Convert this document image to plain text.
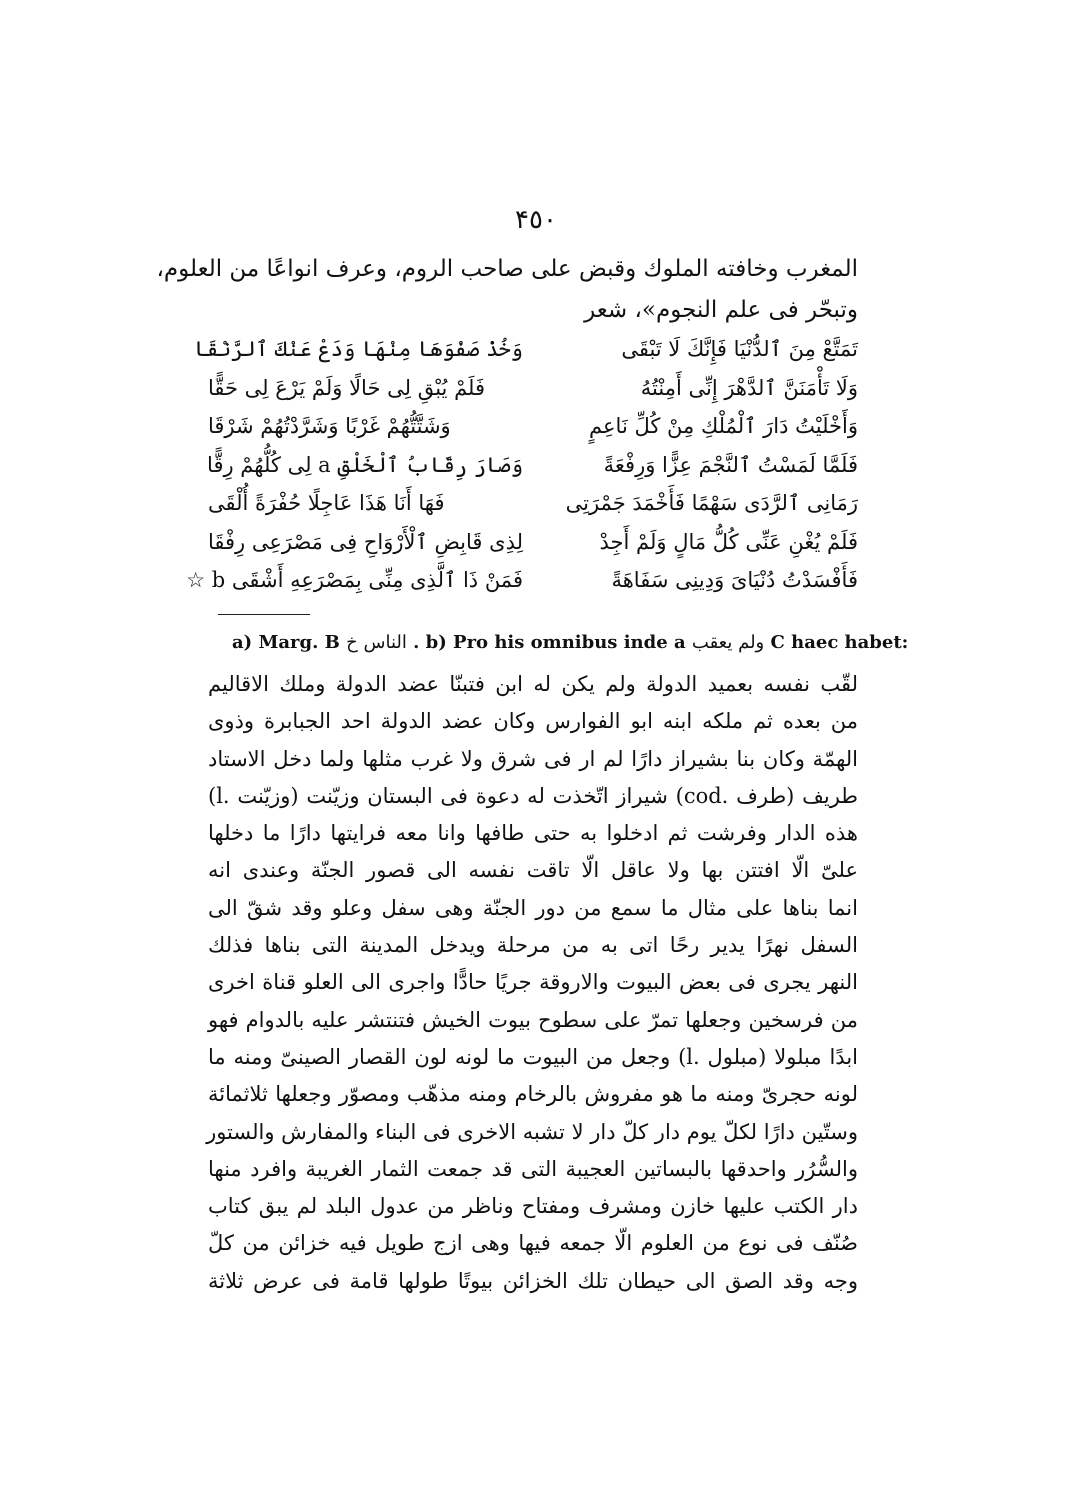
۴٥٠
المغرب وخافته الملوك وقبض على صاحب الروم، وعرف انواعًا من العلوم،
وتبحّر فى علم النجوم»، شعر
تَمَتَّعْ مِنَ ٱلدُّنْيَا فَإِنَّكَ لَا تَبْقَى
وَخُذْ صَفْوَهَا مِنْهَا وَدَعْ عَنْكَ ٱلرَّنْقَا
وَلَا تَأْمَنَنَّ ٱلدَّهْرَ إِنِّى أَمِنْتُهُ
فَلَمْ يُبْقِ لِى حَالًا وَلَمْ يَرْعَ لِى حَقًّا
وَأَخْلَيْتُ دَارَ ٱلْمُلْكِ مِنْ كُلِّ نَاعِمٍ
وَشَتَّتُّهُمْ غَرْبًا وَشَرَّدْتُهُمْ شَرْقَا
فَلَمَّا لَمَسْتُ ٱلنَّجْمَ عِزًّا وَرِفْعَةً
وَصَارَ رِقَابُ ٱلْخَلْقِ a لِى كُلُّهُمْ رِقًّا
رَمَانِى ٱلرَّدَى سَهْمًا فَأَخْمَدَ جَمْرَتِى
فَهَا أَنَا هَذَا عَاجِلًا حُفْرَةً أُلْقَى
فَلَمْ يُغْنِ عَنِّى كُلُّ مَالٍ وَلَمْ أَجِدْ
لِذِى قَابِضِ ٱلْأَرْوَاحِ فِى مَصْرَعِى رِفْقَا
فَأَفْسَدْتُ دُنْيَاىَ وَدِينِى سَفَاهَةً
فَمَنْ ذَا ٱلَّذِى مِنِّى بِمَصْرَعِهِ أَشْقَى b ☆
a) Marg. B الناس خ . b) Pro his omnibus inde a ولم يعقب C haec habet:
لقّب نفسه بعميد الدولة ولم يكن له ابن فتبنّا عضد الدولة وملك الاقاليم
من بعده ثم ملكه ابنه ابو الفوارس وكان عضد الدولة احد الجبابرة وذوى
الهمّة وكان بنا بشيراز دارًا لم ار فى شرق ولا غرب مثلها ولما دخل الاستاد
طريف (طرف .cod) شيراز اتّخذت له دعوة فى البستان وزيّنت (وزيّنت .l)
هذه الدار وفرشت ثم ادخلوا به حتى طافها وانا معه فرايتها دارًا ما دخلها
علىّ الّا افتتن بها ولا عاقل الّا تاقت نفسه الى قصور الجنّة وعندى انه
انما بناها على مثال ما سمع من دور الجنّة وهى سفل وعلو وقد شقّ الى
السفل نهرًا يدير رحًا اتى به من مرحلة ويدخل المدينة التى بناها فذلك
النهر يجرى فى بعض البيوت والاروقة جريًا حادًّا واجرى الى العلو قناة اخرى
من فرسخين وجعلها تمرّ على سطوح بيوت الخيش فتنتشر عليه بالدوام فهو
ابدًا مبلولا (مبلول .l) وجعل من البيوت ما لونه لون القصار الصينىّ ومنه ما
لونه حجرىّ ومنه ما هو مفروش بالرخام ومنه مذهّب ومصوّر وجعلها ثلاثمائة
وستّين دارًا لكلّ يوم دار كلّ دار لا تشبه الاخرى فى البناء والمفارش والستور
والسُّرُر واحدقها بالبساتين العجيبة التى قد جمعت الثمار الغريبة وافرد منها
دار الكتب عليها خازن ومشرف ومفتاح وناظر من عدول البلد لم يبق كتاب
صُنّف فى نوع من العلوم الّا جمعه فيها وهى ازج طويل فيه خزائن من كلّ
وجه وقد الصق الى حيطان تلك الخزائن بيوتًا طولها قامة فى عرض ثلاثة
